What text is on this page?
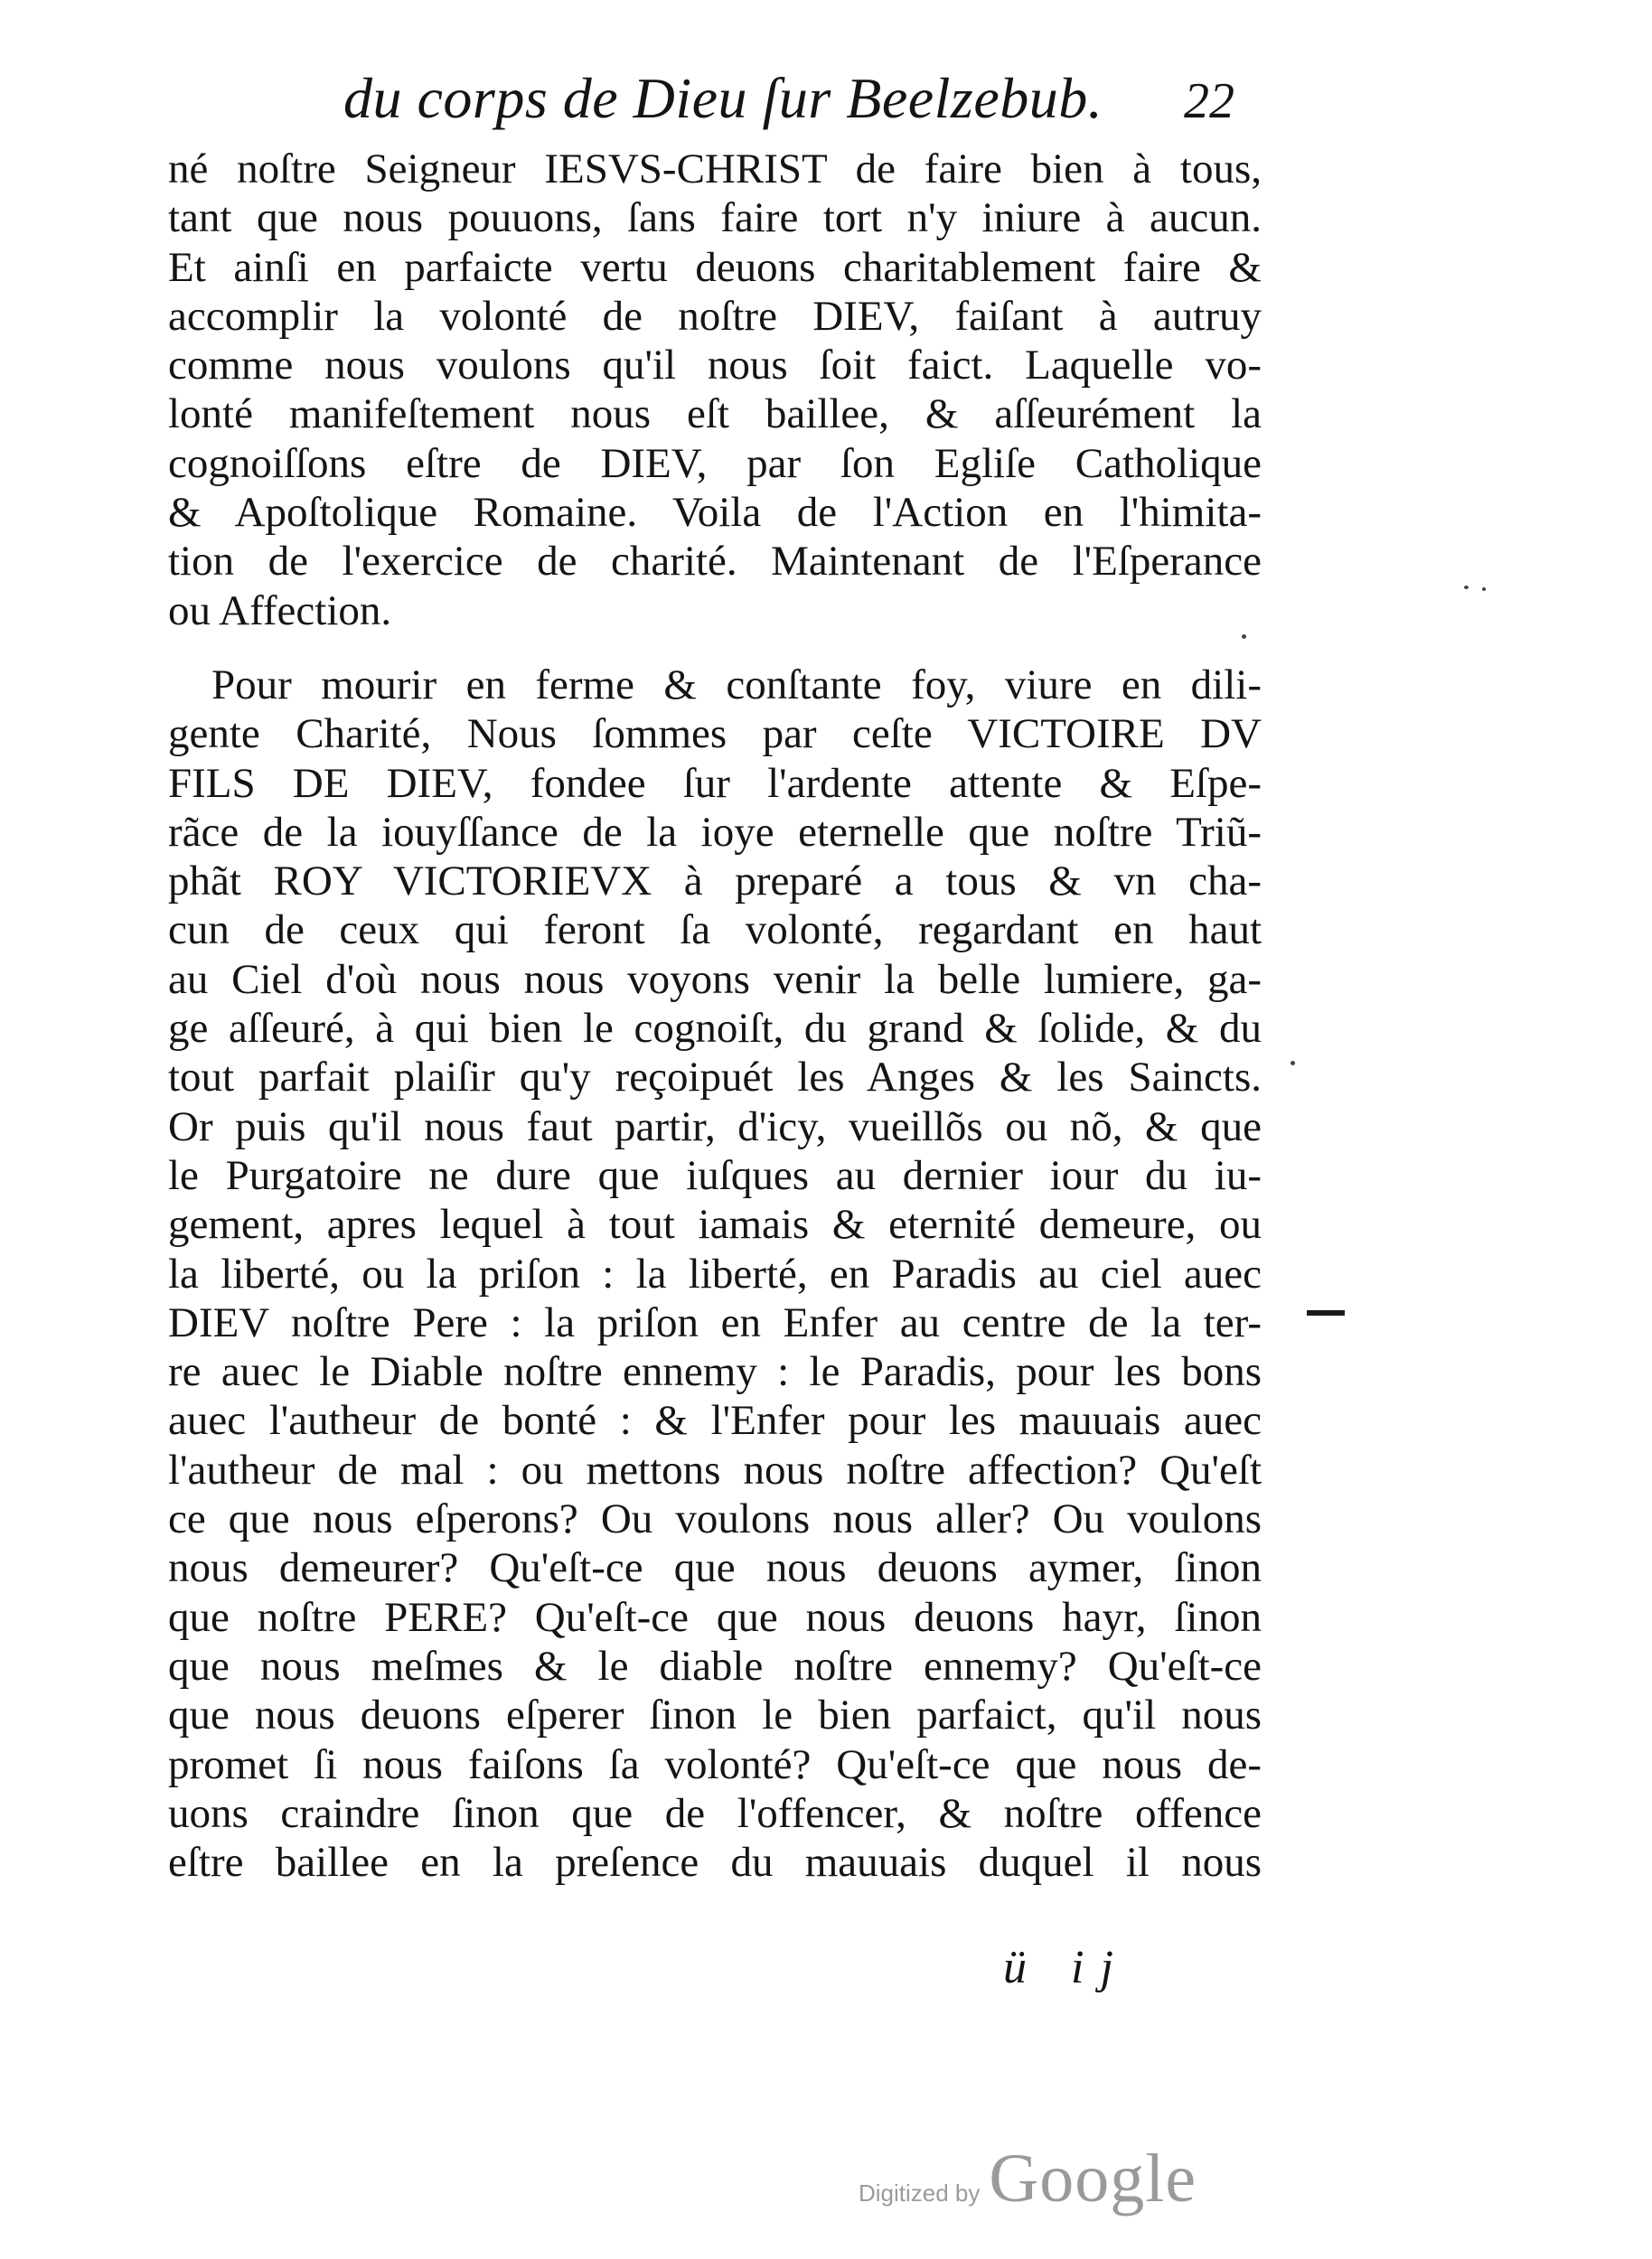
du corps de Dieu ſur Beelzebub. 22
né noſtre Seigneur IESVS-CHRIST de faire bien à tous,
tant que nous pouuons, ſans faire tort n'y iniure à aucun.
Et ainſi en parfaicte vertu deuons charitablement faire &
accomplir la volonté de noſtre DIEV, faiſant à autruy
comme nous voulons qu'il nous ſoit faict. Laquelle vo-
lonté manifeſtement nous eſt baillee, & aſſeurément la
cognoiſſons eſtre de DIEV, par ſon Egliſe Catholique
& Apoſtolique Romaine. Voila de l'Action en l'himita-
tion de l'exercice de charité. Maintenant de l'Eſperance
ou Affection.
Pour mourir en ferme & conſtante foy, viure en dili-
gente Charité, Nous ſommes par ceſte VICTOIRE DV
FILS DE DIEV, fondee ſur l'ardente attente & Eſpe-
rãce de la iouyſſance de la ioye eternelle que noſtre Triũ-
phãt ROY VICTORIEVX à preparé a tous & vn cha-
cun de ceux qui feront ſa volonté, regardant en haut
au Ciel d'où nous nous voyons venir la belle lumiere, ga-
ge aſſeuré, à qui bien le cognoiſt, du grand & ſolide, & du
tout parfait plaiſir qu'y reçoipuét les Anges & les Saincts.
Or puis qu'il nous faut partir, d'icy, vueillõs ou nõ, & que
le Purgatoire ne dure que iuſques au dernier iour du iu-
gement, apres lequel à tout iamais & eternité demeure, ou
la liberté, ou la priſon : la liberté, en Paradis au ciel auec
DIEV noſtre Pere : la priſon en Enfer au centre de la ter-
re auec le Diable noſtre ennemy : le Paradis, pour les bons
auec l'autheur de bonté : & l'Enfer pour les mauuais auec
l'autheur de mal : ou mettons nous noſtre affection? Qu'eſt
ce que nous eſperons? Ou voulons nous aller? Ou voulons
nous demeurer? Qu'eſt-ce que nous deuons aymer, ſinon
que noſtre PERE? Qu'eſt-ce que nous deuons hayr, ſinon
que nous meſmes & le diable noſtre ennemy? Qu'eſt-ce
que nous deuons eſperer ſinon le bien parfaict, qu'il nous
promet ſi nous faiſons ſa volonté? Qu'eſt-ce que nous de-
uons craindre ſinon que de l'offencer, & noſtre offence
eſtre baillee en la preſence du mauuais duquel il nous
ü ij
Digitized by Google
